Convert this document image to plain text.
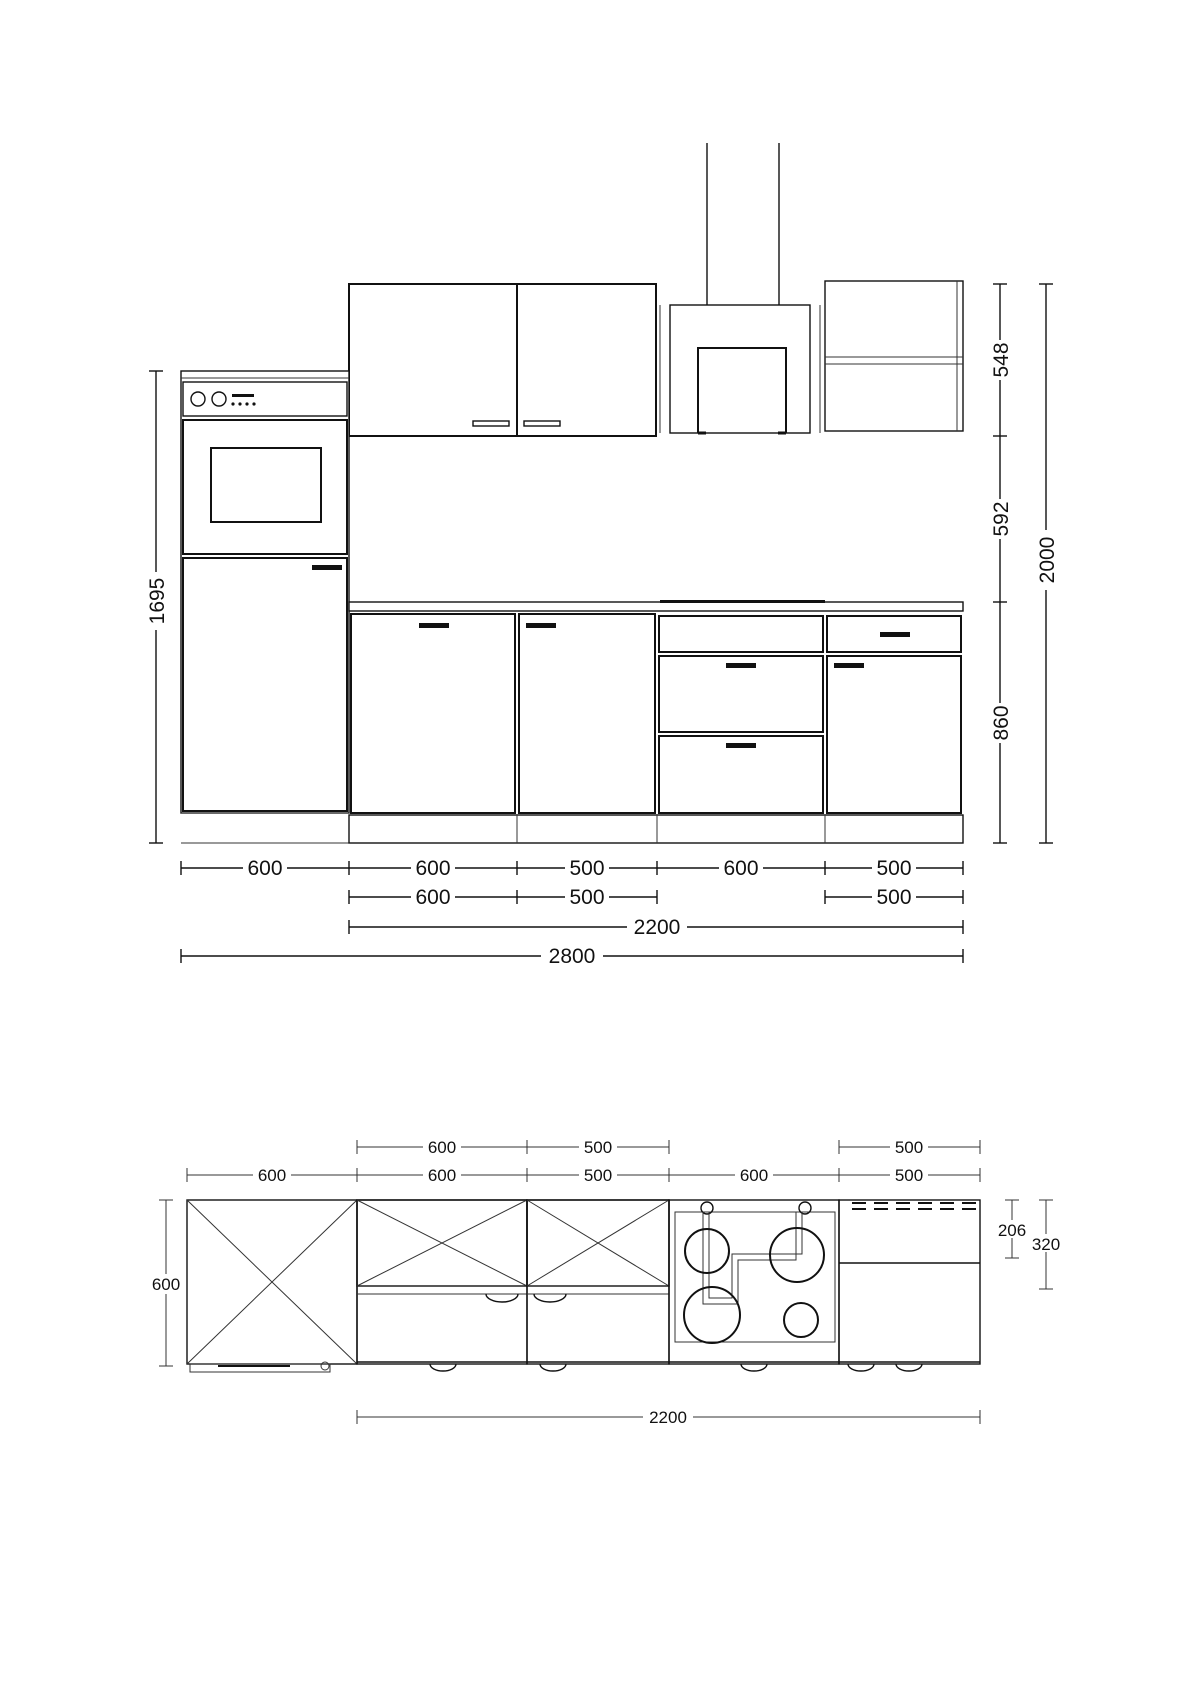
600	600	500	600	500
600	500	500
2200
2800
1695
548
592
860
2000
600	500	500
600	600	500	600	500
600
206
320
2200
